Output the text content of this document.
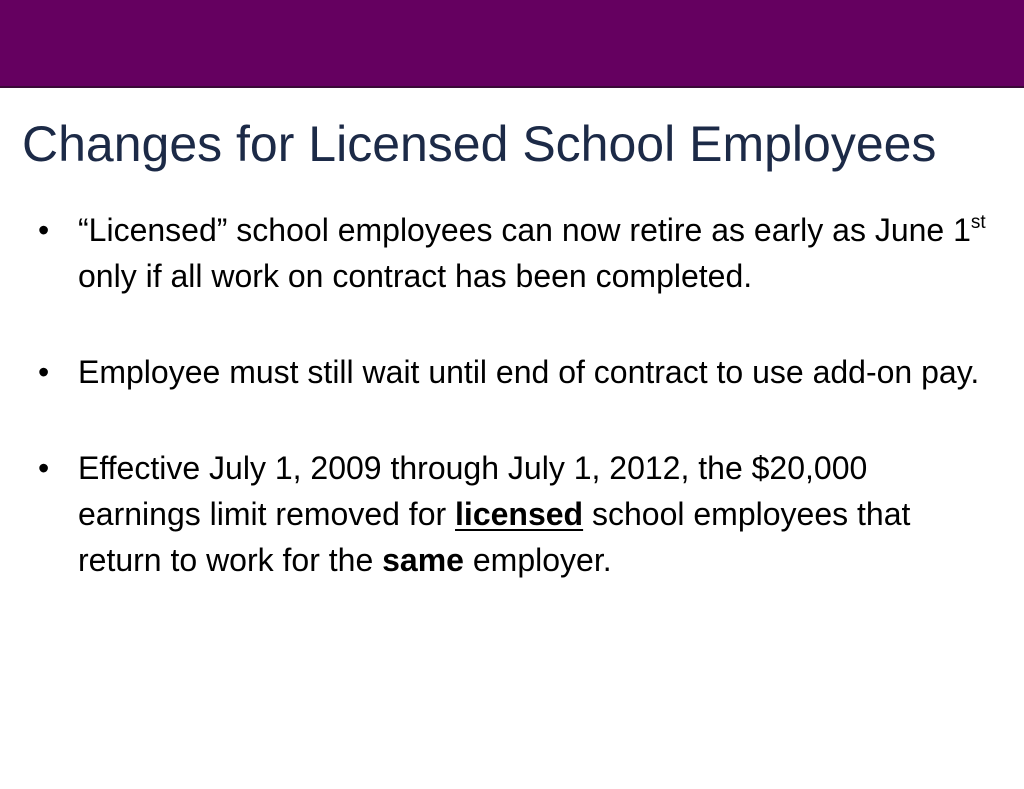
Changes for Licensed School Employees
• “Licensed” school employees can now retire as early as June 1st only if all work on contract has been completed.
• Employee must still wait until end of contract to use add-on pay.
• Effective July 1, 2009 through July 1, 2012, the $20,000 earnings limit removed for licensed school employees that return to work for the same employer.
